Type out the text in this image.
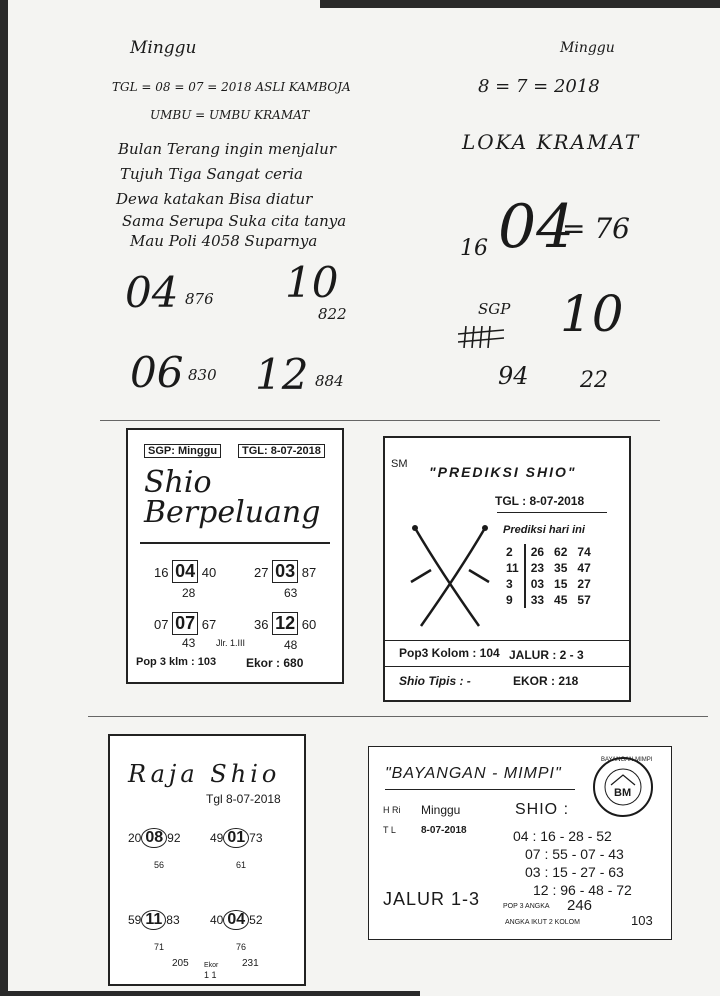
Minggu
TGL = 08 = 07 = 2018 ASLI KAMBOJA
UMBU = UMBU KRAMAT
Bulan Terang ingin menjalur
Tujuh Tiga Sangat ceria
Dewa katakan Bisa diatur
Sama Serupa Suka cita tanya
Mau Poli 4058 Suparnya
04 876 10
822
06 830 12 884
Minggu
8 = 7 = 2018
LOKA KRAMAT
16 04
= 76
SGP 10
94 22
SGP: Minggu	TGL: 8-07-2018
Shio Berpeluang
16 04 40
28
27 03 87
63
07 07 67
43
36 12 60
48
Jlr. 1.III
Pop 3 klm : 103 Ekor : 680
SM "PREDIKSI SHIO"
TGL : 8-07-2018
Prediksi hari ini
2	26	62	74
11	23	35	47
3	03	15	27
9	33	45	57
Pop3 Kolom : 104 JALUR : 2 - 3
Shio Tipis : -	EKOR : 218
Raja Shio
Tgl 8-07-2018
20 08 92
56
49 01 73
61
59 11 83
71
40 04 52
76
205 Ekor 231
1 1
"BAYANGAN - MIMPI"
BAYANGAN MIMPI
BM
H Ri Minggu
T L	8-07-2018
SHIO :
04 : 16 - 28 - 52
07 : 55 - 07 - 43
03 : 15 - 27 - 63
12 : 96 - 48 - 72
JALUR 1-3	POP 3 ANGKA 246
ANGKA IKUT 2 KOLOM	103
